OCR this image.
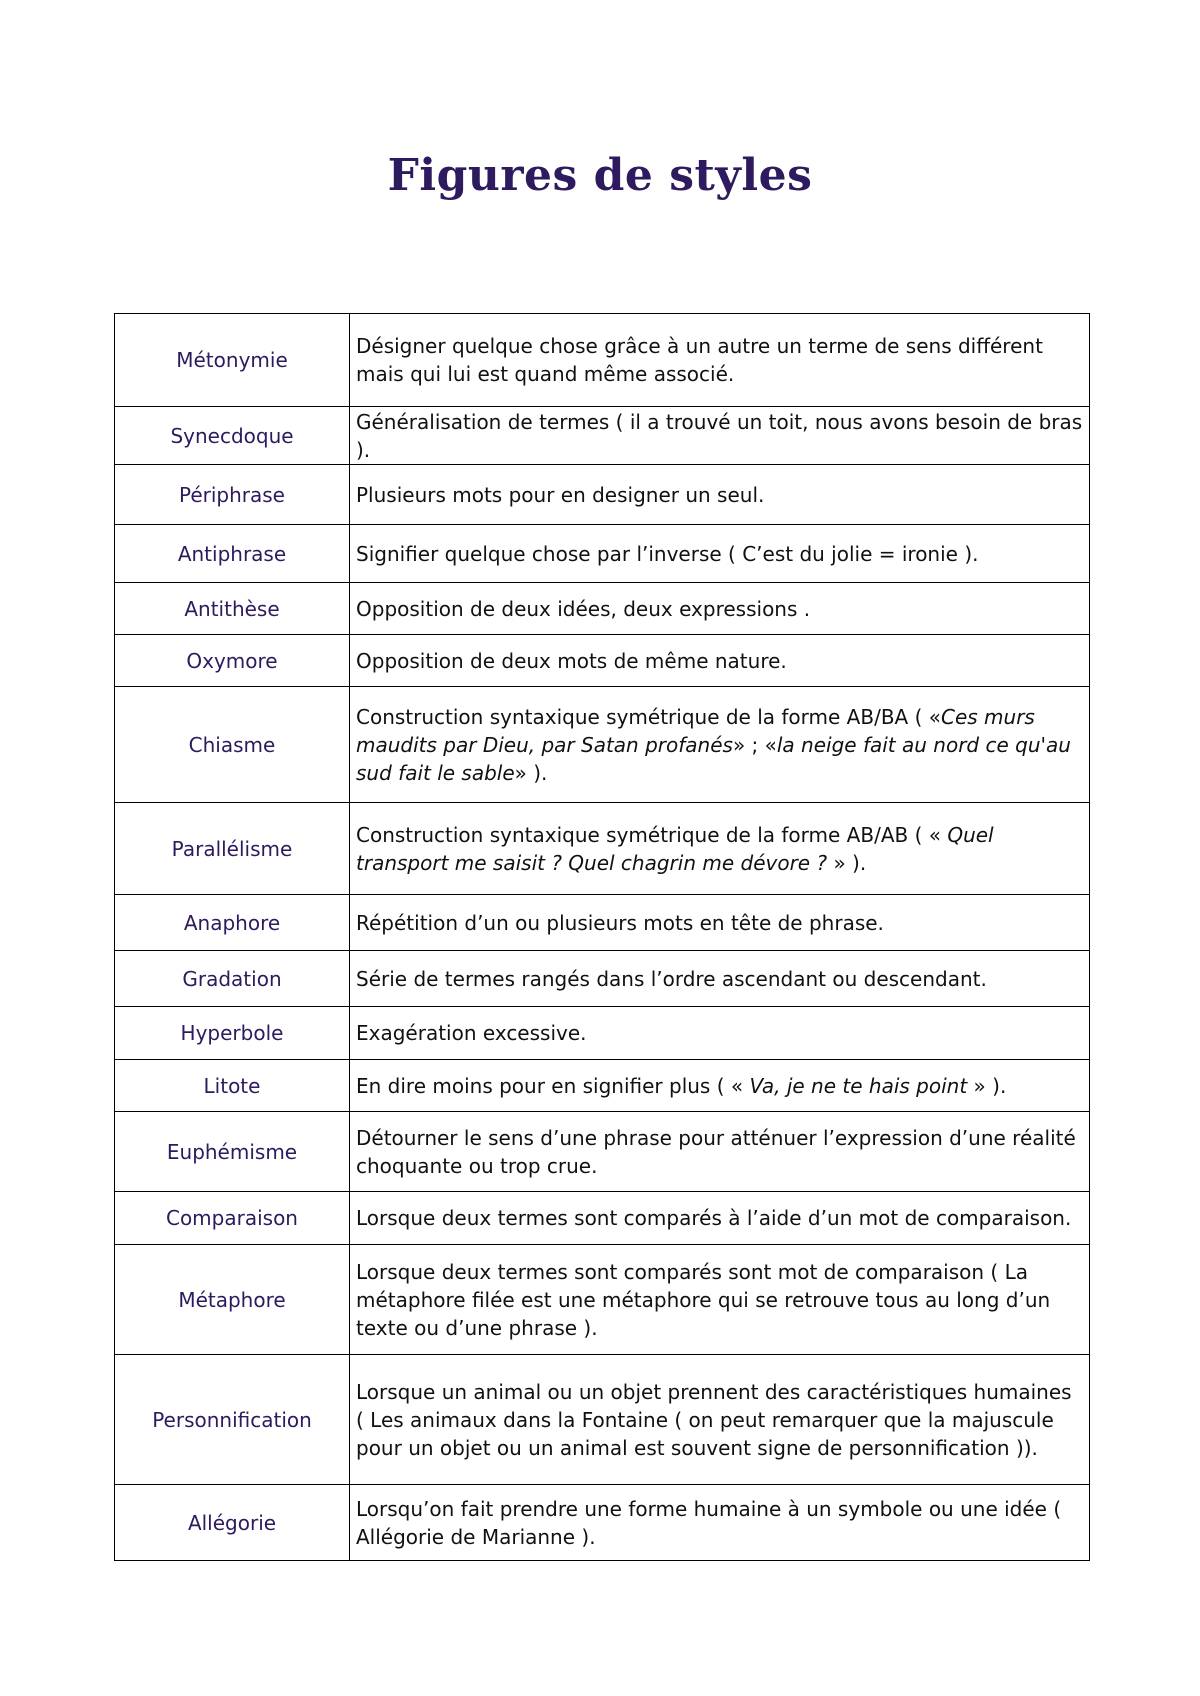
Figures de styles
Métonymie	Désigner quelque chose grâce à un autre un terme de sens différent mais qui lui est quand même associé.
Synecdoque	Généralisation de termes ( il a trouvé un toit, nous avons besoin de bras ).
Périphrase	Plusieurs mots pour en designer un seul.
Antiphrase	Signifier quelque chose par l’inverse ( C’est du jolie = ironie ).
Antithèse	Opposition de deux idées, deux expressions .
Oxymore	Opposition de deux mots de même nature.
Chiasme	Construction syntaxique symétrique de la forme AB/BA ( «Ces murs maudits par Dieu, par Satan profanés» ; «la neige fait au nord ce qu'au sud fait le sable» ).
Parallélisme	Construction syntaxique symétrique de la forme AB/AB ( « Quel transport me saisit ? Quel chagrin me dévore ? » ).
Anaphore	Répétition d’un ou plusieurs mots en tête de phrase.
Gradation	Série de termes rangés dans l’ordre ascendant ou descendant.
Hyperbole	Exagération excessive.
Litote	En dire moins pour en signifier plus ( « Va, je ne te hais point » ).
Euphémisme	Détourner le sens d’une phrase pour atténuer l’expression d’une réalité choquante ou trop crue.
Comparaison	Lorsque deux termes sont comparés à l’aide d’un mot de comparaison.
Métaphore	Lorsque deux termes sont comparés sont mot de comparaison ( La métaphore filée est une métaphore qui se retrouve tous au long d’un texte ou d’une phrase ).
Personnification	Lorsque un animal ou un objet prennent des caractéristiques humaines ( Les animaux dans la Fontaine ( on peut remarquer que la majuscule pour un objet ou un animal est souvent signe de personnification )).
Allégorie	Lorsqu’on fait prendre une forme humaine à un symbole ou une idée ( Allégorie de Marianne ).
